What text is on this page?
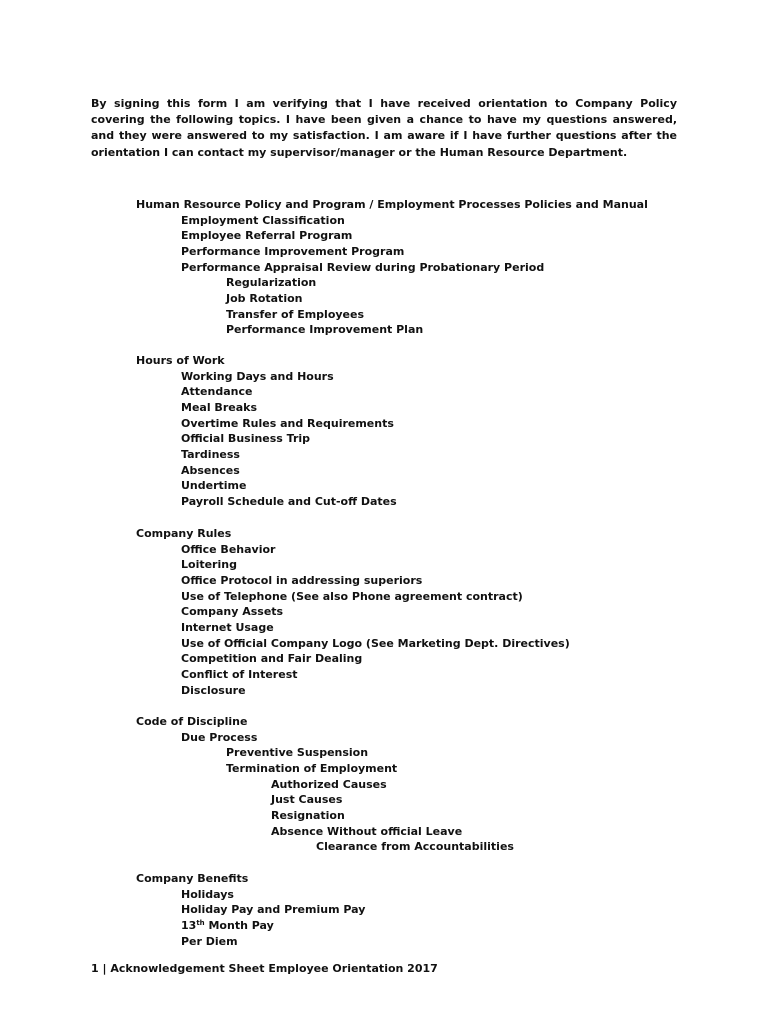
By signing this form I am verifying that I have received orientation to Company Policy covering the following topics. I have been given a chance to have my questions answered, and they were answered to my satisfaction. I am aware if I have further questions after the orientation I can contact my supervisor/manager or the Human Resource Department.
Human Resource Policy and Program / Employment Processes Policies and Manual
Employment Classification
Employee Referral Program
Performance Improvement Program
Performance Appraisal Review during Probationary Period
Regularization
Job Rotation
Transfer of Employees
Performance Improvement Plan
Hours of Work
Working Days and Hours
Attendance
Meal Breaks
Overtime Rules and Requirements
Official Business Trip
Tardiness
Absences
Undertime
Payroll Schedule and Cut-off Dates
Company Rules
Office Behavior
Loitering
Office Protocol in addressing superiors
Use of Telephone (See also Phone agreement contract)
Company Assets
Internet Usage
Use of Official Company Logo (See Marketing Dept. Directives)
Competition and Fair Dealing
Conflict of Interest
Disclosure
Code of Discipline
Due Process
Preventive Suspension
Termination of Employment
Authorized Causes
Just Causes
Resignation
Absence Without official Leave
Clearance from Accountabilities
Company Benefits
Holidays
Holiday Pay and Premium Pay
13th Month Pay
Per Diem
1 | Acknowledgement Sheet Employee Orientation 2017
